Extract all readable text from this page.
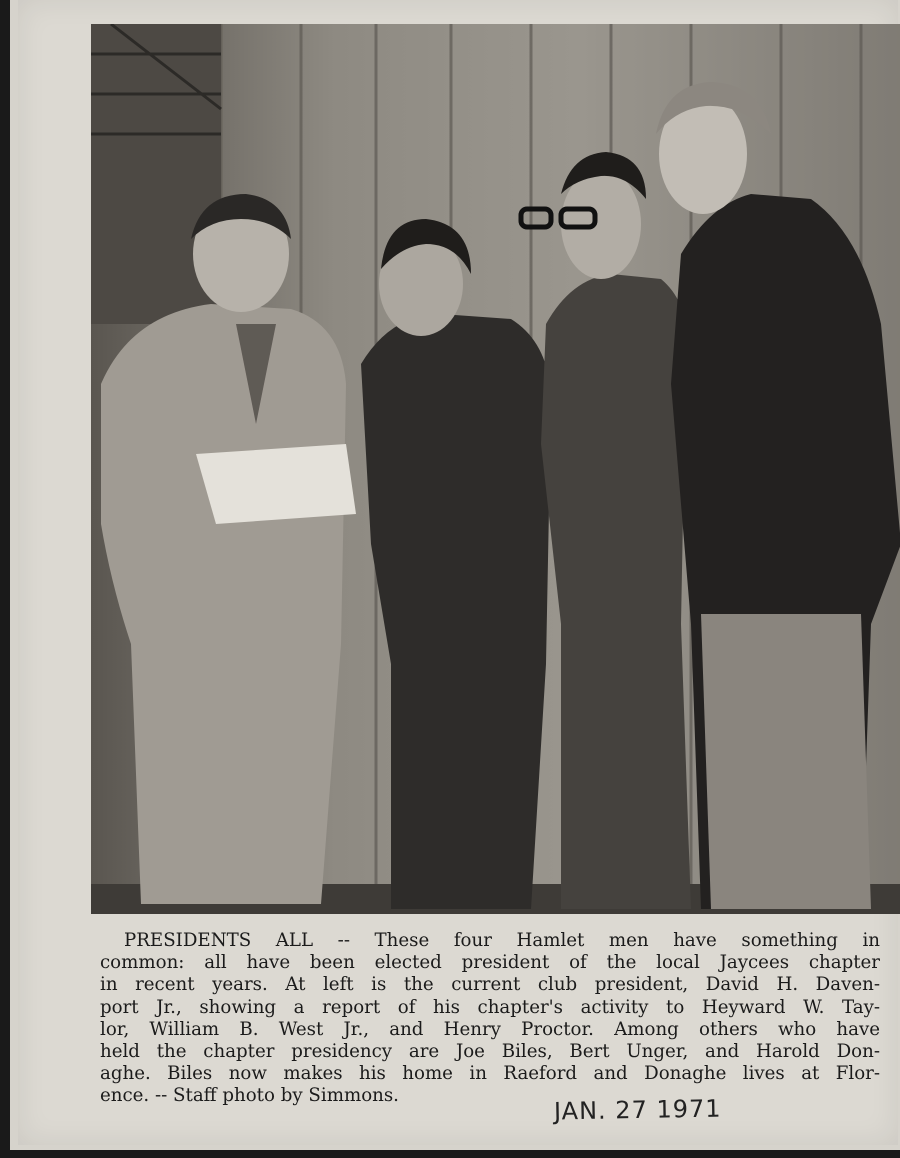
PRESIDENTS ALL -- These four Hamlet men have something in
common: all have been elected president of the local Jaycees chapter
in recent years. At left is the current club president, David H. Daven-
port Jr., showing a report of his chapter's activity to Heyward W. Tay-
lor, William B. West Jr., and Henry Proctor. Among others who have
held the chapter presidency are Joe Biles, Bert Unger, and Harold Don-
aghe. Biles now makes his home in Raeford and Donaghe lives at Flor-
ence. -- Staff photo by Simmons.	JAN. 27 1971
